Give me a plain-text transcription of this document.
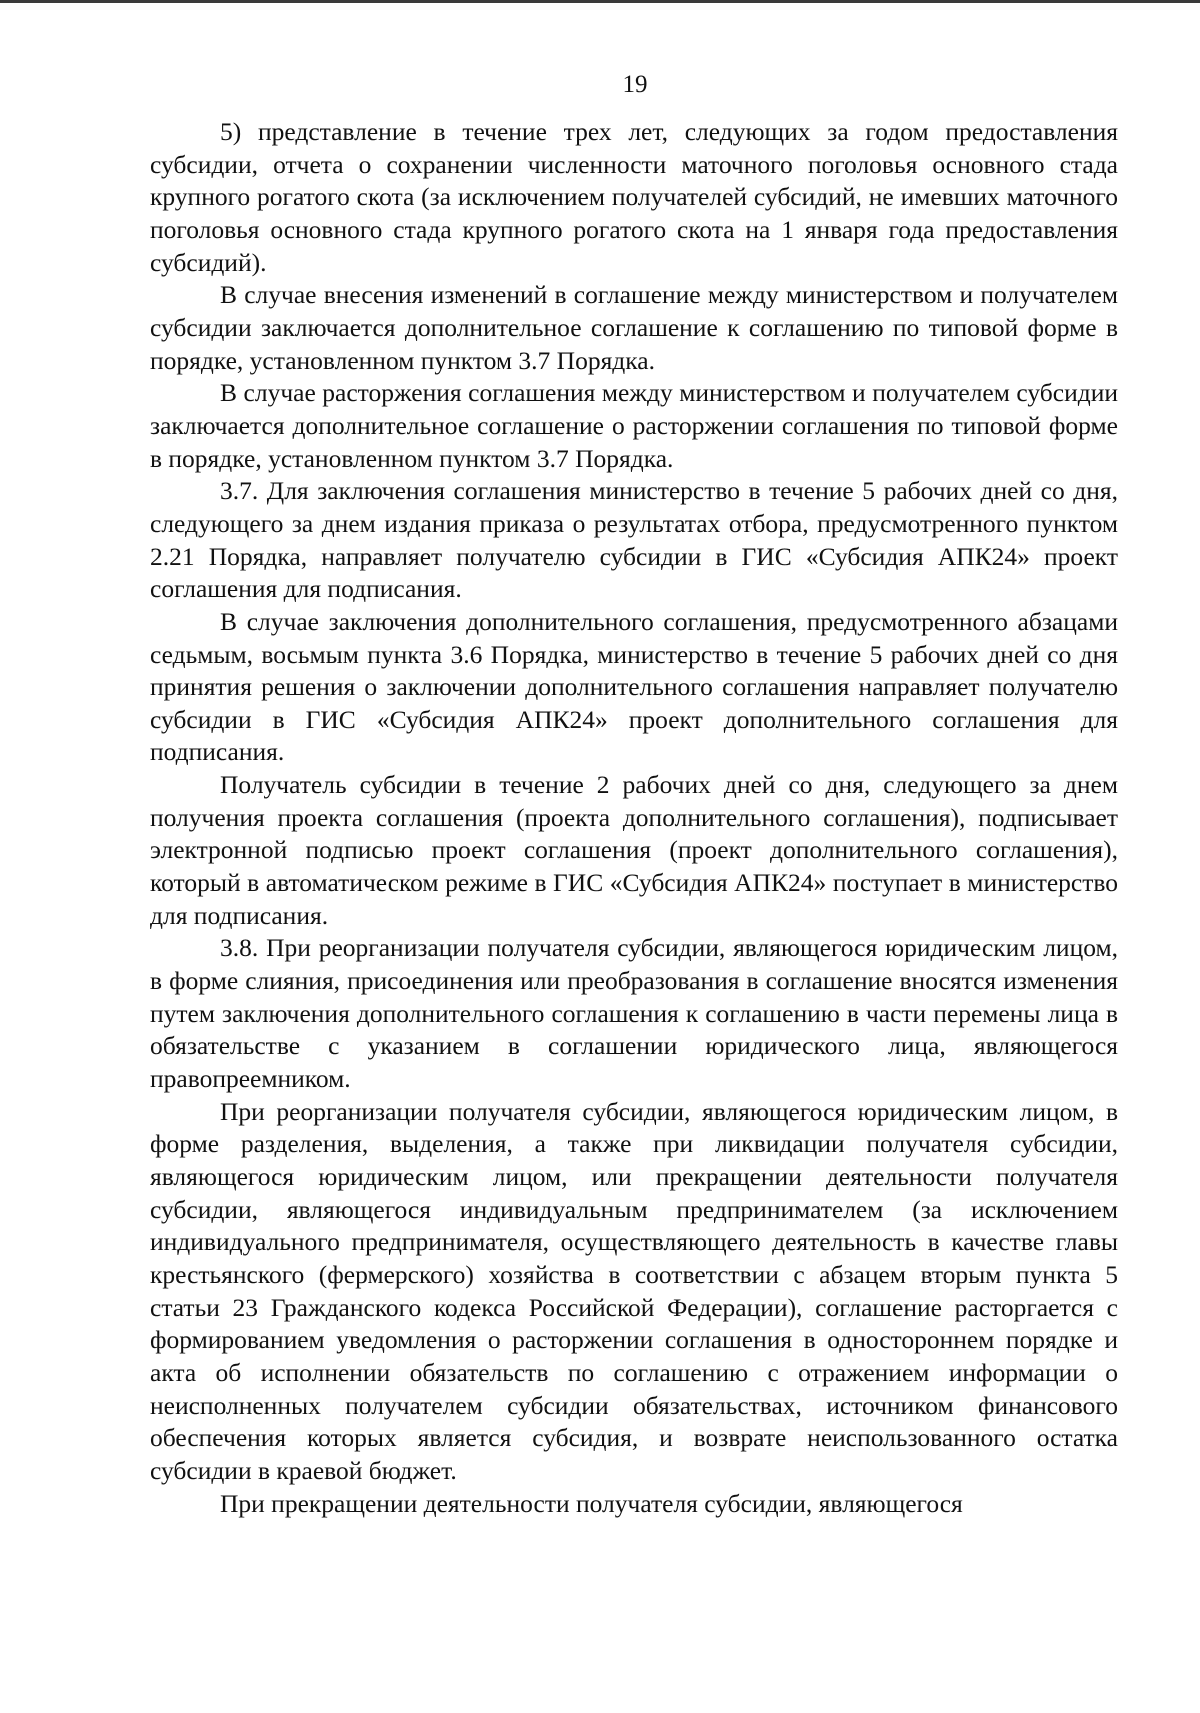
19

5) представление в течение трех лет, следующих за годом предоставления субсидии, отчета о сохранении численности маточного поголовья основного стада крупного рогатого скота (за исключением получателей субсидий, не имевших маточного поголовья основного стада крупного рогатого скота на 1 января года предоставления субсидий).

В случае внесения изменений в соглашение между министерством и получателем субсидии заключается дополнительное соглашение к соглашению по типовой форме в порядке, установленном пунктом 3.7 Порядка.

В случае расторжения соглашения между министерством и получателем субсидии заключается дополнительное соглашение о расторжении соглашения по типовой форме в порядке, установленном пунктом 3.7 Порядка.

3.7. Для заключения соглашения министерство в течение 5 рабочих дней со дня, следующего за днем издания приказа о результатах отбора, предусмотренного пунктом 2.21 Порядка, направляет получателю субсидии в ГИС «Субсидия АПК24» проект соглашения для подписания.

В случае заключения дополнительного соглашения, предусмотренного абзацами седьмым, восьмым пункта 3.6 Порядка, министерство в течение 5 рабочих дней со дня принятия решения о заключении дополнительного соглашения направляет получателю субсидии в ГИС «Субсидия АПК24» проект дополнительного соглашения для подписания.

Получатель субсидии в течение 2 рабочих дней со дня, следующего за днем получения проекта соглашения (проекта дополнительного соглашения), подписывает электронной подписью проект соглашения (проект дополнительного соглашения), который в автоматическом режиме в ГИС «Субсидия АПК24» поступает в министерство для подписания.

3.8. При реорганизации получателя субсидии, являющегося юридическим лицом, в форме слияния, присоединения или преобразования в соглашение вносятся изменения путем заключения дополнительного соглашения к соглашению в части перемены лица в обязательстве с указанием в соглашении юридического лица, являющегося правопреемником.

При реорганизации получателя субсидии, являющегося юридическим лицом, в форме разделения, выделения, а также при ликвидации получателя субсидии, являющегося юридическим лицом, или прекращении деятельности получателя субсидии, являющегося индивидуальным предпринимателем (за исключением индивидуального предпринимателя, осуществляющего деятельность в качестве главы крестьянского (фермерского) хозяйства в соответствии с абзацем вторым пункта 5 статьи 23 Гражданского кодекса Российской Федерации), соглашение расторгается с формированием уведомления о расторжении соглашения в одностороннем порядке и акта об исполнении обязательств по соглашению с отражением информации о неисполненных получателем субсидии обязательствах, источником финансового обеспечения которых является субсидия, и возврате неиспользованного остатка субсидии в краевой бюджет.

При прекращении деятельности получателя субсидии, являющегося
